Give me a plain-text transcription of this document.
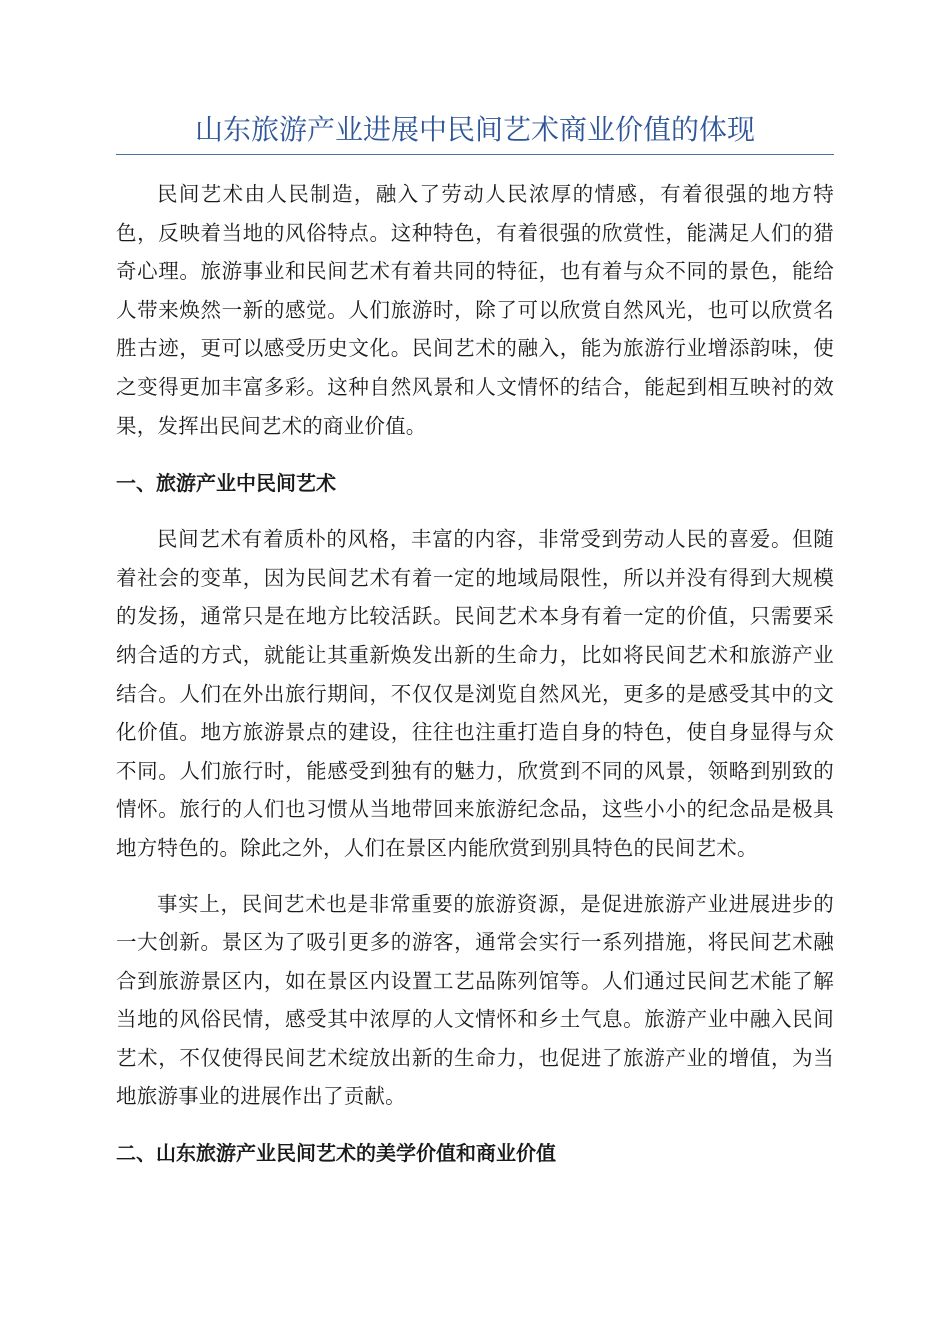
山东旅游产业进展中民间艺术商业价值的体现

民间艺术由人民制造，融入了劳动人民浓厚的情感，有着很强的地方特色，反映着当地的风俗特点。这种特色，有着很强的欣赏性，能满足人们的猎奇心理。旅游事业和民间艺术有着共同的特征，也有着与众不同的景色，能给人带来焕然一新的感觉。人们旅游时，除了可以欣赏自然风光，也可以欣赏名胜古迹，更可以感受历史文化。民间艺术的融入，能为旅游行业增添韵味，使之变得更加丰富多彩。这种自然风景和人文情怀的结合，能起到相互映衬的效果，发挥出民间艺术的商业价值。

一、旅游产业中民间艺术

民间艺术有着质朴的风格，丰富的内容，非常受到劳动人民的喜爱。但随着社会的变革，因为民间艺术有着一定的地域局限性，所以并没有得到大规模的发扬，通常只是在地方比较活跃。民间艺术本身有着一定的价值，只需要采纳合适的方式，就能让其重新焕发出新的生命力，比如将民间艺术和旅游产业结合。人们在外出旅行期间，不仅仅是浏览自然风光，更多的是感受其中的文化价值。地方旅游景点的建设，往往也注重打造自身的特色，使自身显得与众不同。人们旅行时，能感受到独有的魅力，欣赏到不同的风景，领略到别致的情怀。旅行的人们也习惯从当地带回来旅游纪念品，这些小小的纪念品是极具地方特色的。除此之外，人们在景区内能欣赏到别具特色的民间艺术。

事实上，民间艺术也是非常重要的旅游资源，是促进旅游产业进展进步的一大创新。景区为了吸引更多的游客，通常会实行一系列措施，将民间艺术融合到旅游景区内，如在景区内设置工艺品陈列馆等。人们通过民间艺术能了解当地的风俗民情，感受其中浓厚的人文情怀和乡土气息。旅游产业中融入民间艺术，不仅使得民间艺术绽放出新的生命力，也促进了旅游产业的增值，为当地旅游事业的进展作出了贡献。

二、山东旅游产业民间艺术的美学价值和商业价值
